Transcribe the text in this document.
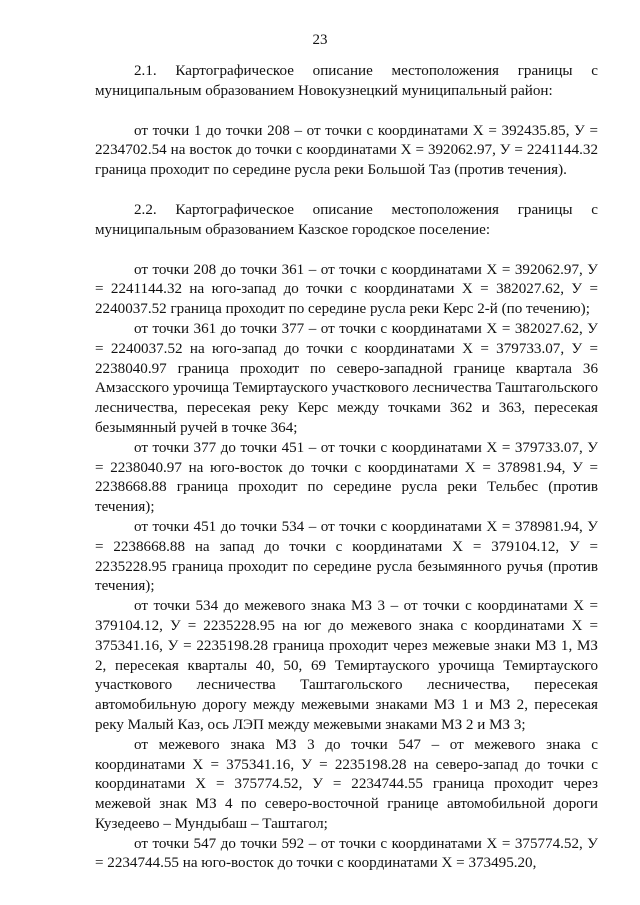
23

2.1. Картографическое описание местоположения границы с муниципальным образованием Новокузнецкий муниципальный район:

от точки 1 до точки 208 – от точки с координатами Х = 392435.85, У = 2234702.54 на восток до точки с координатами Х = 392062.97, У = 2241144.32 граница проходит по середине русла реки Большой Таз (против течения).

2.2. Картографическое описание местоположения границы с муниципальным образованием Казское городское поселение:

от точки 208 до точки 361 – от точки с координатами Х = 392062.97, У = 2241144.32 на юго-запад до точки с координатами Х = 382027.62, У = 2240037.52 граница проходит по середине русла реки Керс 2-й (по течению);

от точки 361 до точки 377 – от точки с координатами Х = 382027.62, У = 2240037.52 на юго-запад до точки с координатами Х = 379733.07, У = 2238040.97 граница проходит по северо-западной границе квартала 36 Амзасского урочища Темиртауского участкового лесничества Таштагольского лесничества, пересекая реку Керс между точками 362 и 363, пересекая безымянный ручей в точке 364;

от точки 377 до точки 451 – от точки с координатами Х = 379733.07, У = 2238040.97 на юго-восток до точки с координатами Х = 378981.94, У = 2238668.88 граница проходит по середине русла реки Тельбес (против течения);

от точки 451 до точки 534 – от точки с координатами Х = 378981.94, У = 2238668.88 на запад до точки с координатами Х = 379104.12, У = 2235228.95 граница проходит по середине русла безымянного ручья (против течения);

от точки 534 до межевого знака МЗ 3 – от точки с координатами Х = 379104.12, У = 2235228.95 на юг до межевого знака с координатами Х = 375341.16, У = 2235198.28 граница проходит через межевые знаки МЗ 1, МЗ 2, пересекая кварталы 40, 50, 69 Темиртауского урочища Темиртауского участкового лесничества Таштагольского лесничества, пересекая автомобильную дорогу между межевыми знаками МЗ 1 и МЗ 2, пересекая реку Малый Каз, ось ЛЭП между межевыми знаками МЗ 2 и МЗ 3;

от межевого знака МЗ 3 до точки 547 – от межевого знака с координатами Х = 375341.16, У = 2235198.28 на северо-запад до точки с координатами Х = 375774.52, У = 2234744.55 граница проходит через межевой знак МЗ 4 по северо-восточной границе автомобильной дороги Кузедеево – Мундыбаш – Таштагол;

от точки 547 до точки 592 – от точки с координатами Х = 375774.52, У = 2234744.55 на юго-восток до точки с координатами Х = 373495.20,
